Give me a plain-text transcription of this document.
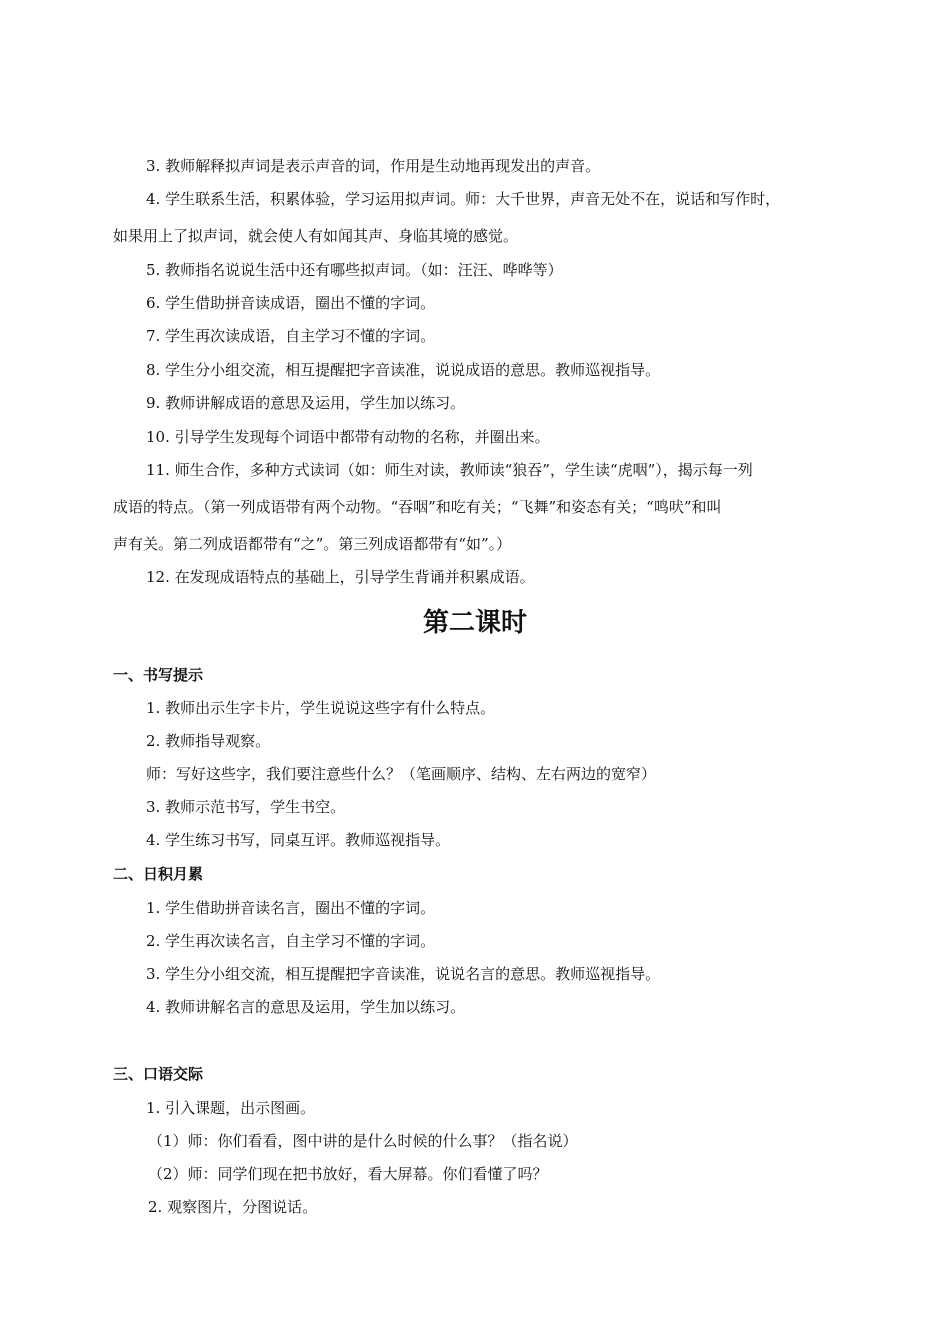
3. 教师解释拟声词是表示声音的词，作用是生动地再现发出的声音。
4. 学生联系生活，积累体验，学习运用拟声词。师：大千世界，声音无处不在，说话和写作时，
如果用上了拟声词，就会使人有如闻其声、身临其境的感觉。
5. 教师指名说说生活中还有哪些拟声词。（如：汪汪、哗哗等）
6. 学生借助拼音读成语，圈出不懂的字词。
7. 学生再次读成语，自主学习不懂的字词。
8. 学生分小组交流，相互提醒把字音读准，说说成语的意思。教师巡视指导。
9. 教师讲解成语的意思及运用，学生加以练习。
10. 引导学生发现每个词语中都带有动物的名称，并圈出来。
11. 师生合作，多种方式读词（如：师生对读，教师读“狼吞”，学生读“虎咽”），揭示每一列
成语的特点。（第一列成语带有两个动物。“吞咽”和吃有关；“飞舞”和姿态有关；“鸣吠”和叫
声有关。第二列成语都带有“之”。第三列成语都带有“如”。）
12. 在发现成语特点的基础上，引导学生背诵并积累成语。
第二课时
一、书写提示
1. 教师出示生字卡片，学生说说这些字有什么特点。
2. 教师指导观察。
师：写好这些字，我们要注意些什么？（笔画顺序、结构、左右两边的宽窄）
3. 教师示范书写，学生书空。
4. 学生练习书写，同桌互评。教师巡视指导。
二、日积月累
1. 学生借助拼音读名言，圈出不懂的字词。
2. 学生再次读名言，自主学习不懂的字词。
3. 学生分小组交流，相互提醒把字音读准，说说名言的意思。教师巡视指导。
4. 教师讲解名言的意思及运用，学生加以练习。
三、口语交际
1. 引入课题，出示图画。
（1）师：你们看看，图中讲的是什么时候的什么事？（指名说）
（2）师：同学们现在把书放好，看大屏幕。你们看懂了吗？
2. 观察图片，分图说话。
